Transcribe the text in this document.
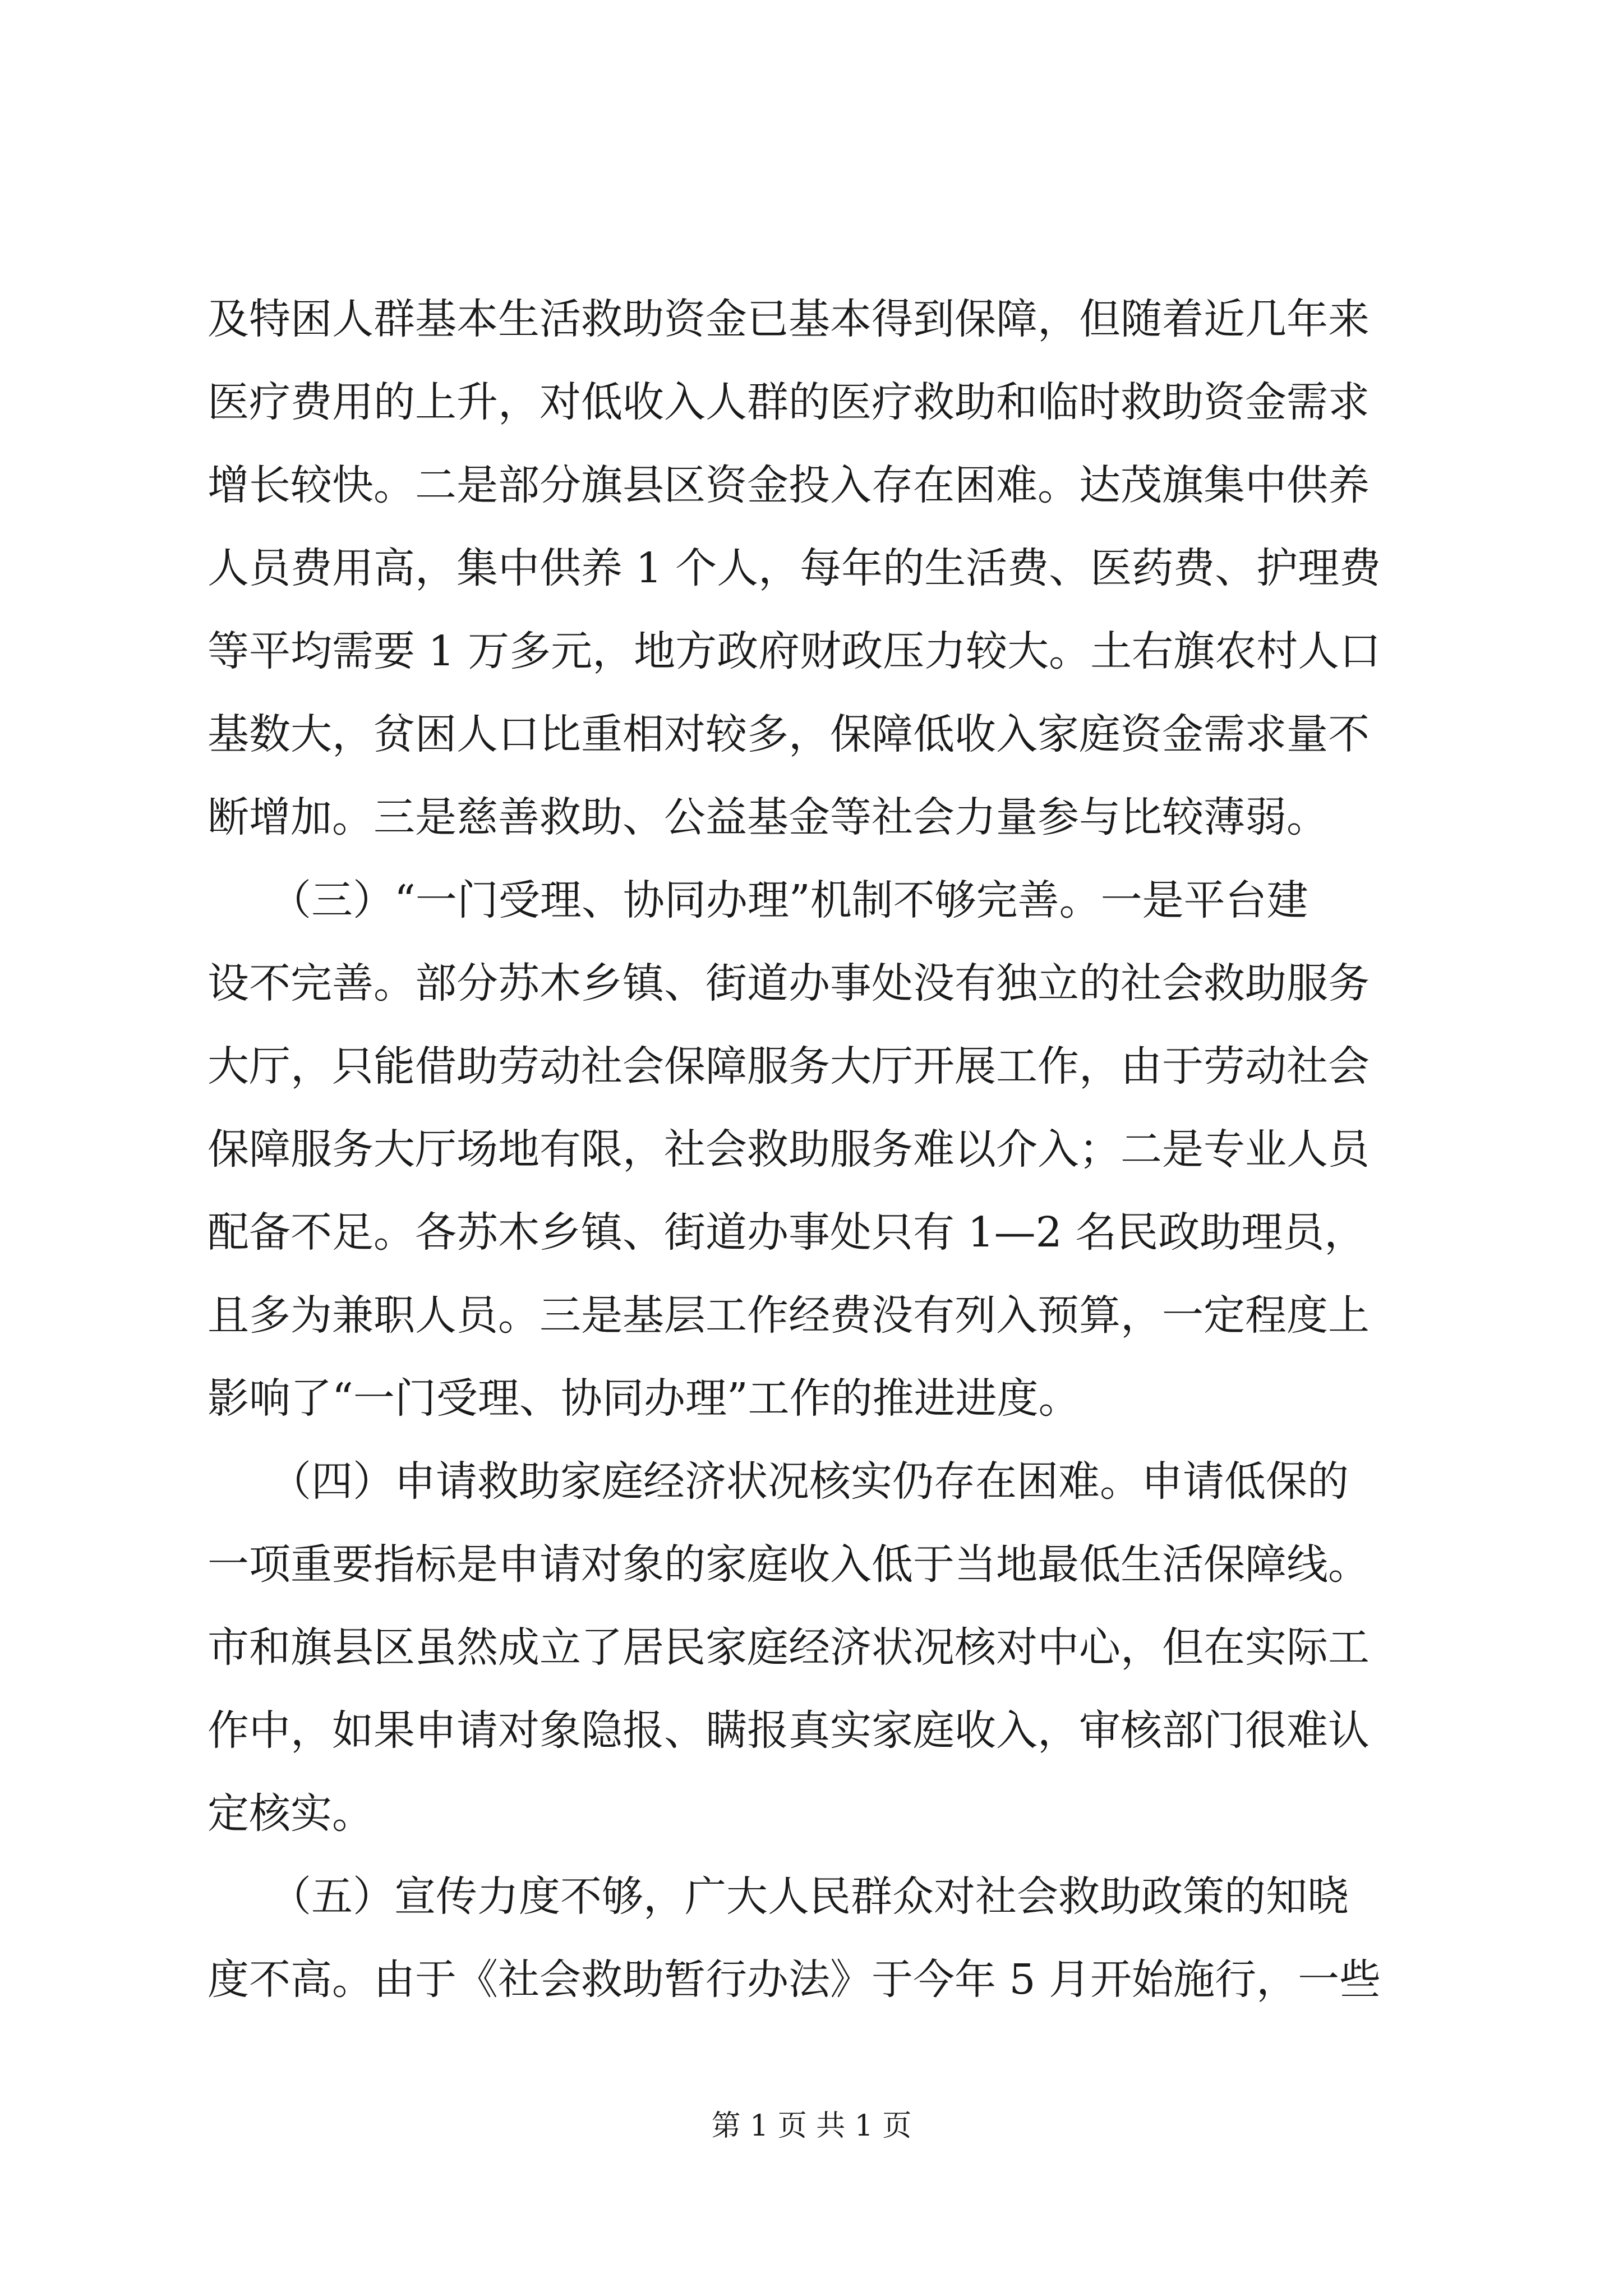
及特困人群基本生活救助资金已基本得到保障，但随着近几年来
医疗费用的上升，对低收入人群的医疗救助和临时救助资金需求
增长较快。二是部分旗县区资金投入存在困难。达茂旗集中供养
人员费用高，集中供养 1 个人，每年的生活费、医药费、护理费
等平均需要 1 万多元，地方政府财政压力较大。土右旗农村人口
基数大，贫困人口比重相对较多，保障低收入家庭资金需求量不
断增加。三是慈善救助、公益基金等社会力量参与比较薄弱。
　　（三）“一门受理、协同办理”机制不够完善。一是平台建
设不完善。部分苏木乡镇、街道办事处没有独立的社会救助服务
大厅，只能借助劳动社会保障服务大厅开展工作，由于劳动社会
保障服务大厅场地有限，社会救助服务难以介入；二是专业人员
配备不足。各苏木乡镇、街道办事处只有 1—2 名民政助理员，
且多为兼职人员。三是基层工作经费没有列入预算，一定程度上
影响了“一门受理、协同办理”工作的推进进度。
　　（四）申请救助家庭经济状况核实仍存在困难。申请低保的
一项重要指标是申请对象的家庭收入低于当地最低生活保障线。
市和旗县区虽然成立了居民家庭经济状况核对中心，但在实际工
作中，如果申请对象隐报、瞒报真实家庭收入，审核部门很难认
定核实。
　　（五）宣传力度不够，广大人民群众对社会救助政策的知晓
度不高。由于《社会救助暂行办法》于今年 5 月开始施行，一些
第 1 页 共 1 页
